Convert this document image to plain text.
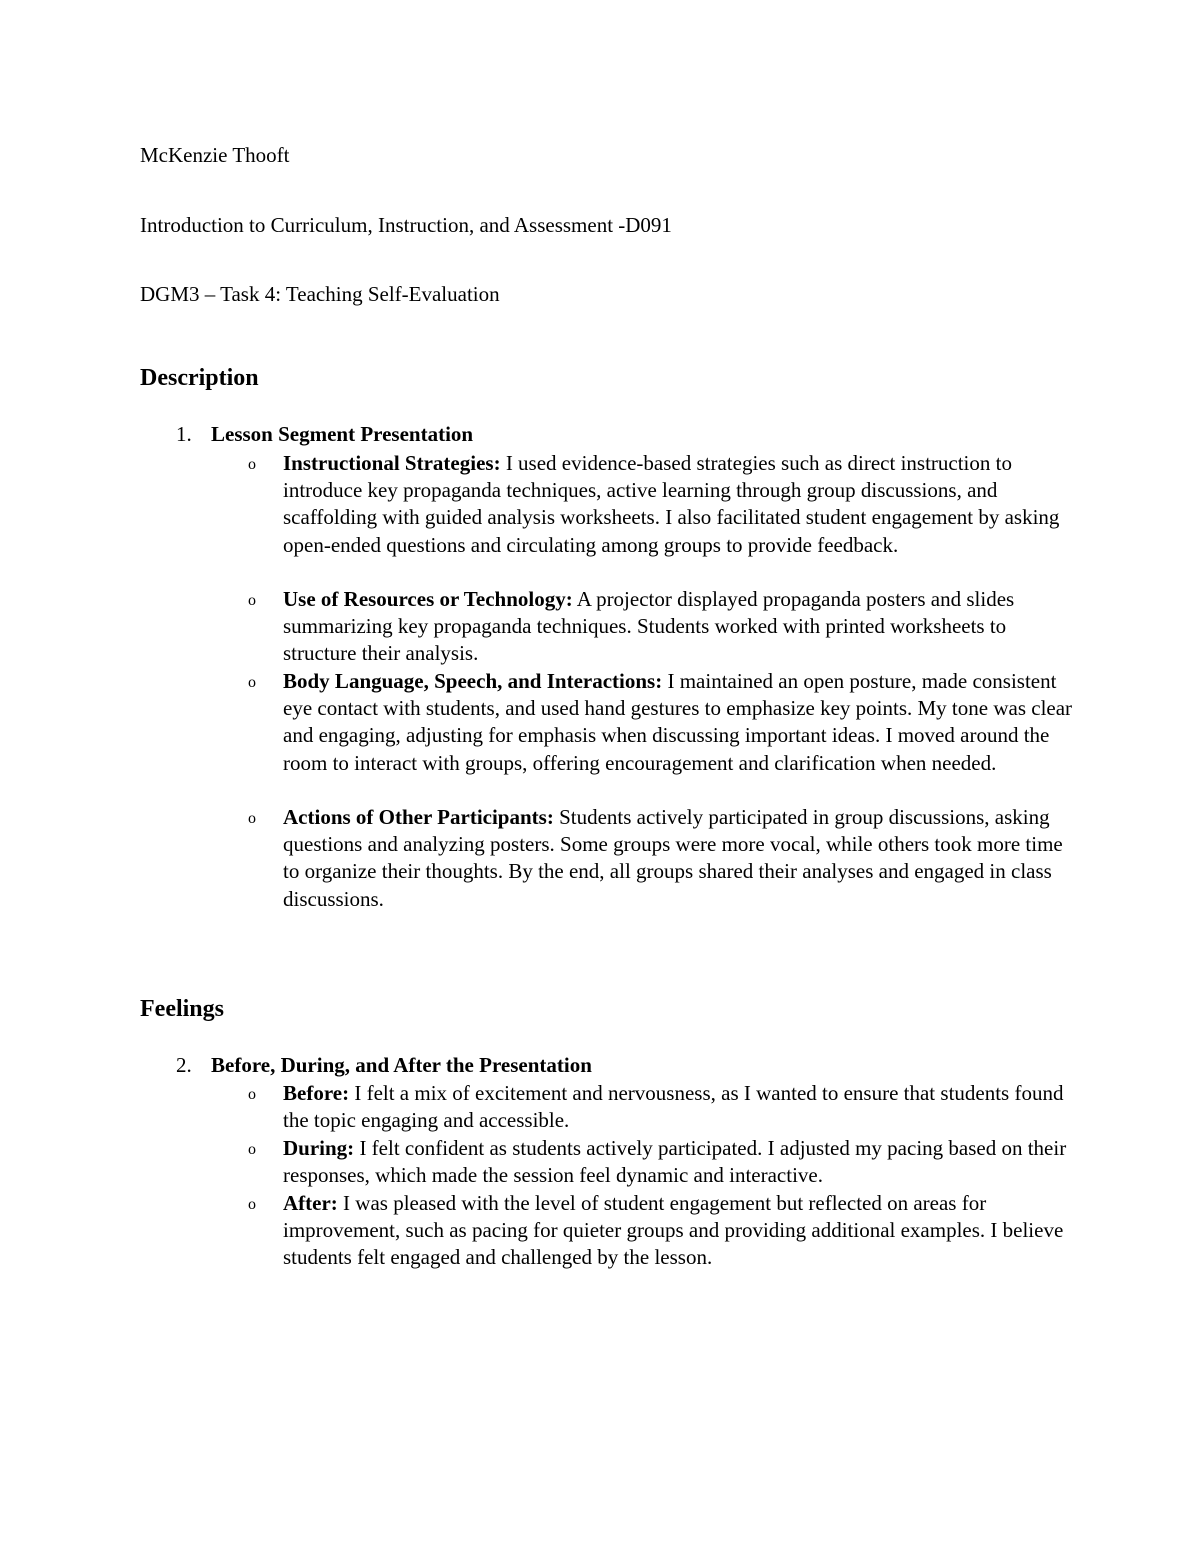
McKenzie Thooft
Introduction to Curriculum, Instruction, and Assessment -D091
DGM3 – Task 4: Teaching Self-Evaluation
Description
1. Lesson Segment Presentation
o Instructional Strategies: I used evidence-based strategies such as direct instruction to introduce key propaganda techniques, active learning through group discussions, and scaffolding with guided analysis worksheets. I also facilitated student engagement by asking open-ended questions and circulating among groups to provide feedback.
o Use of Resources or Technology: A projector displayed propaganda posters and slides summarizing key propaganda techniques. Students worked with printed worksheets to structure their analysis.
o Body Language, Speech, and Interactions: I maintained an open posture, made consistent eye contact with students, and used hand gestures to emphasize key points. My tone was clear and engaging, adjusting for emphasis when discussing important ideas. I moved around the room to interact with groups, offering encouragement and clarification when needed.
o Actions of Other Participants: Students actively participated in group discussions, asking questions and analyzing posters. Some groups were more vocal, while others took more time to organize their thoughts. By the end, all groups shared their analyses and engaged in class discussions.
Feelings
2. Before, During, and After the Presentation
o Before: I felt a mix of excitement and nervousness, as I wanted to ensure that students found the topic engaging and accessible.
o During: I felt confident as students actively participated. I adjusted my pacing based on their responses, which made the session feel dynamic and interactive.
o After: I was pleased with the level of student engagement but reflected on areas for improvement, such as pacing for quieter groups and providing additional examples. I believe students felt engaged and challenged by the lesson.
